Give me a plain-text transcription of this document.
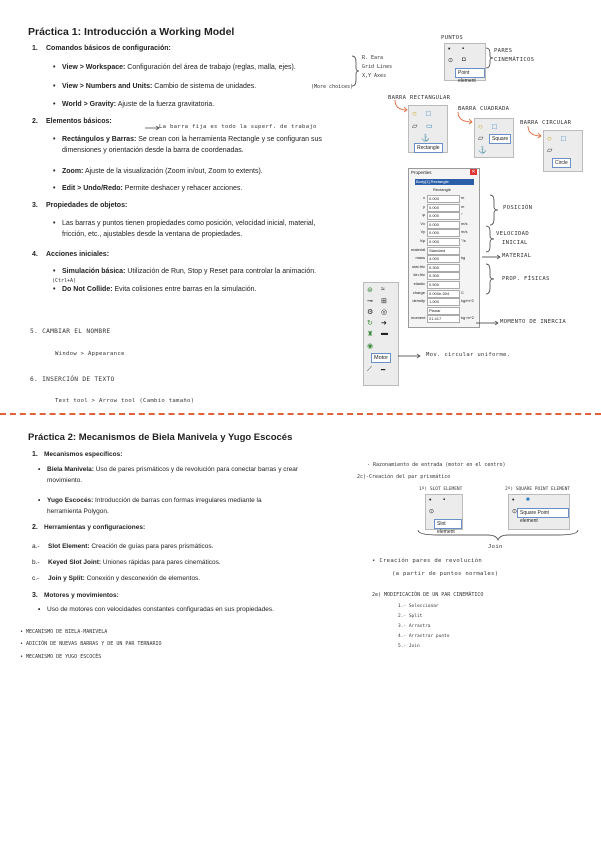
Práctica 1: Introducción a Working Model
1. Comandos básicos de configuración:
• View > Workspace: Configuración del área de trabajo (reglas, malla, ejes).
• View > Numbers and Units: Cambio de sistema de unidades.
• World > Gravity: Ajuste de la fuerza gravitatoria.
2. Elementos básicos:
• Rectángulos y Barras: Se crean con la herramienta Rectangle y se configuran sus
dimensiones y orientación desde la barra de coordenadas.
• Zoom: Ajuste de la visualización (Zoom in/out, Zoom to extents).
• Edit > Undo/Redo: Permite deshacer y rehacer acciones.
3. Propiedades de objetos:
• Las barras y puntos tienen propiedades como posición, velocidad inicial, material,
fricción, etc., ajustables desde la ventana de propiedades.
4. Acciones iniciales:
• Simulación básica: Utilización de Run, Stop y Reset para controlar la animación.
• Do Not Collide: Evita colisiones entre barras en la simulación.
(Ctrl+A)
La barra fija es todo la superf. de trabajo
R. Eara
Grid Lines
X,Y Axes
(More choices)
5. CAMBIAR EL NOMBRE
Window > Appearance
6. INSERCIÓN DE TEXTO
Text tool > Arrow tool (Cambio tamaño)
PUNTOS
PARES
CINEMÁTICOS
•	▪
⊙	◘
Point element
BARRA RECTANGULAR
○	□
▱	▭
⚓
Rectangle
BARRA CUADRADA
○	□
▱	Square
⚓
BARRA CIRCULAR
○	□
▱
Circle
Properties	✕
Body[1] Rectangle
Rectangle
x	0.000	m
y	0.000	m
φ	0.000	°
Vx	0.000	m/s
Vy	0.000	m/s
Vφ	0.000	°/s
material Standard
mass	4.000	kg
stat.fric	0.300
kin.fric	0.300
elastic	0.500
charge	0.000e-004	C
density	1.000	kg/m^2
Planar
moment 21.417	kg·m^2
POSICIÓN
VELOCIDAD
INICIAL
MATERIAL
PROP. FÍSICAS
MOMENTO DE INERCIA
⊛	≈
⊸	⊞
⚙	◎
↻	➜
♜	▬
Motor
◉
⟋	━
Mov. circular uniforme.
Práctica 2: Mecanismos de Biela Manivela y Yugo Escocés
1. Mecanismos específicos:
• Biela Manivela: Uso de pares prismáticos y de revolución para conectar barras y crear
movimiento.
• Yugo Escocés: Introducción de barras con formas irregulares mediante la
herramienta Polygon.
2. Herramientas y configuraciones:
a.- Slot Element: Creación de guías para pares prismáticos.
b.- Keyed Slot Joint: Uniones rápidas para pares cinemáticos.
c.- Join y Split: Conexión y desconexión de elementos.
3. Motores y movimientos:
• Uso de motores con velocidades constantes configuradas en sus propiedades.
• MECANISMO DE BIELA-MANIVELA
• ADICIÓN DE NUEVAS BARRAS Y DE UN PAR TERNARIO
• MECANISMO DE YUGO ESCOCÉS
- Razonamiento de entrada (motor en el centro)
2c)-Creación del par prismático
1º) SLOT ELEMENT	2º) SQUARE POINT ELEMENT
•	▪
⊙
Slot element
•	■
⊙ Square Point element
Join
• Creación pares de revolución
(a partir de puntos normales)
2e) MODIFICACIÓN DE UN PAR CINEMÁTICO
1.- Seleccionar
2.- Split
3.- Arrastra
4.- Arrastrar punto
5.- Join
